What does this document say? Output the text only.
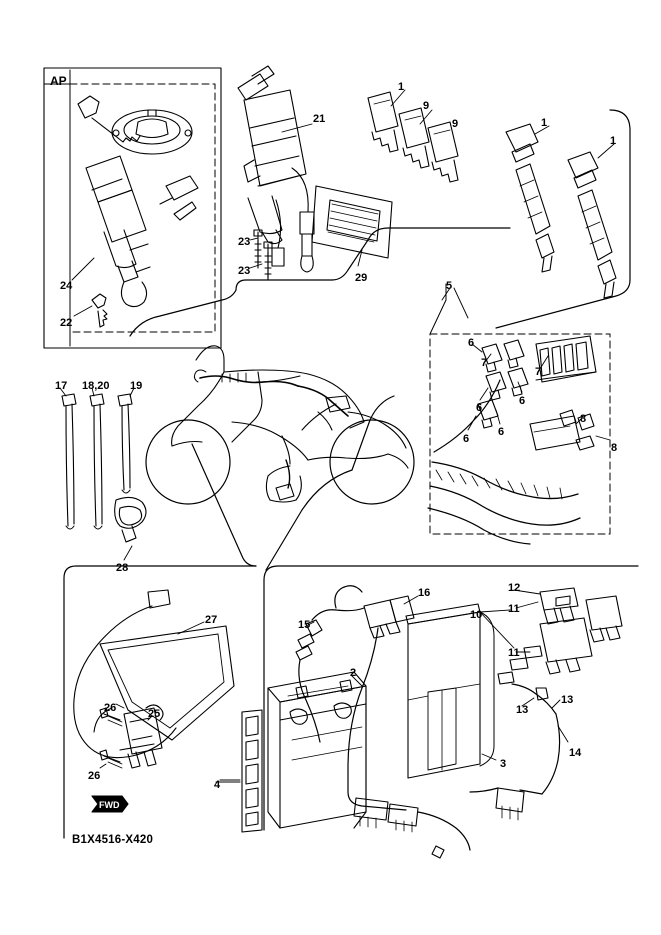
AP
B1X4516-X420
FWD
1
1
1
21
9
9
23
23
29
24
22
5
6
7
7
6
6
6
6
8
8
17 18,20 19
28
27
26	25
26
4
15
16
2
3
12
10 11
11
13
13
14
